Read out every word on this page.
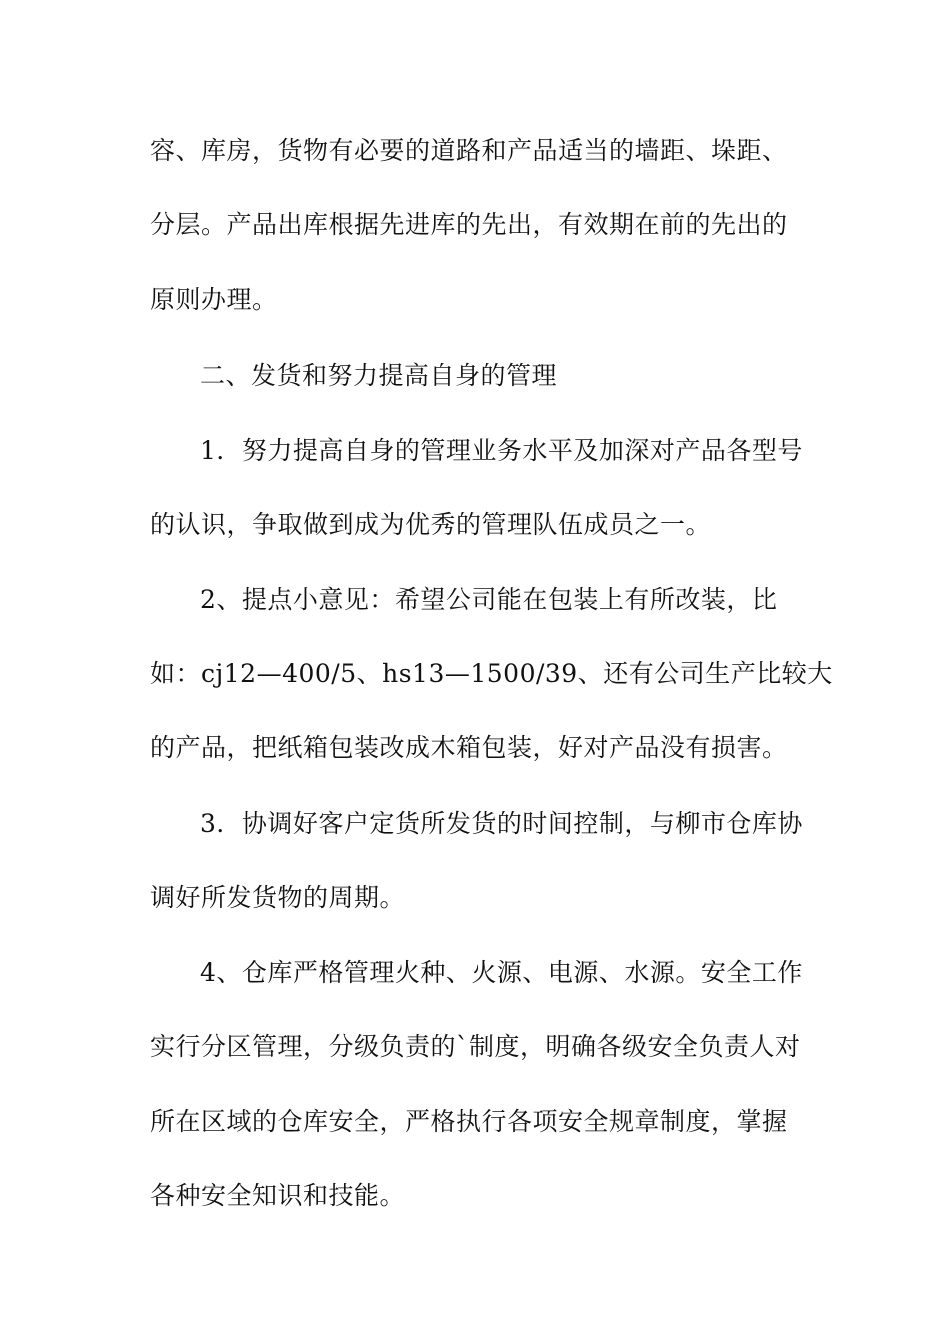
容、库房，货物有必要的道路和产品适当的墙距、垛距、
分层。产品出库根据先进库的先出，有效期在前的先出的
原则办理。
二、发货和努力提高自身的管理
1．努力提高自身的管理业务水平及加深对产品各型号
的认识，争取做到成为优秀的管理队伍成员之一。
2、提点小意见：希望公司能在包装上有所改装，比
如：cj12—400/5、hs13—1500/39、还有公司生产比较大
的产品，把纸箱包装改成木箱包装，好对产品没有损害。
3．协调好客户定货所发货的时间控制，与柳市仓库协
调好所发货物的周期。
4、仓库严格管理火种、火源、电源、水源。安全工作
实行分区管理，分级负责的`制度，明确各级安全负责人对
所在区域的仓库安全，严格执行各项安全规章制度，掌握
各种安全知识和技能。
